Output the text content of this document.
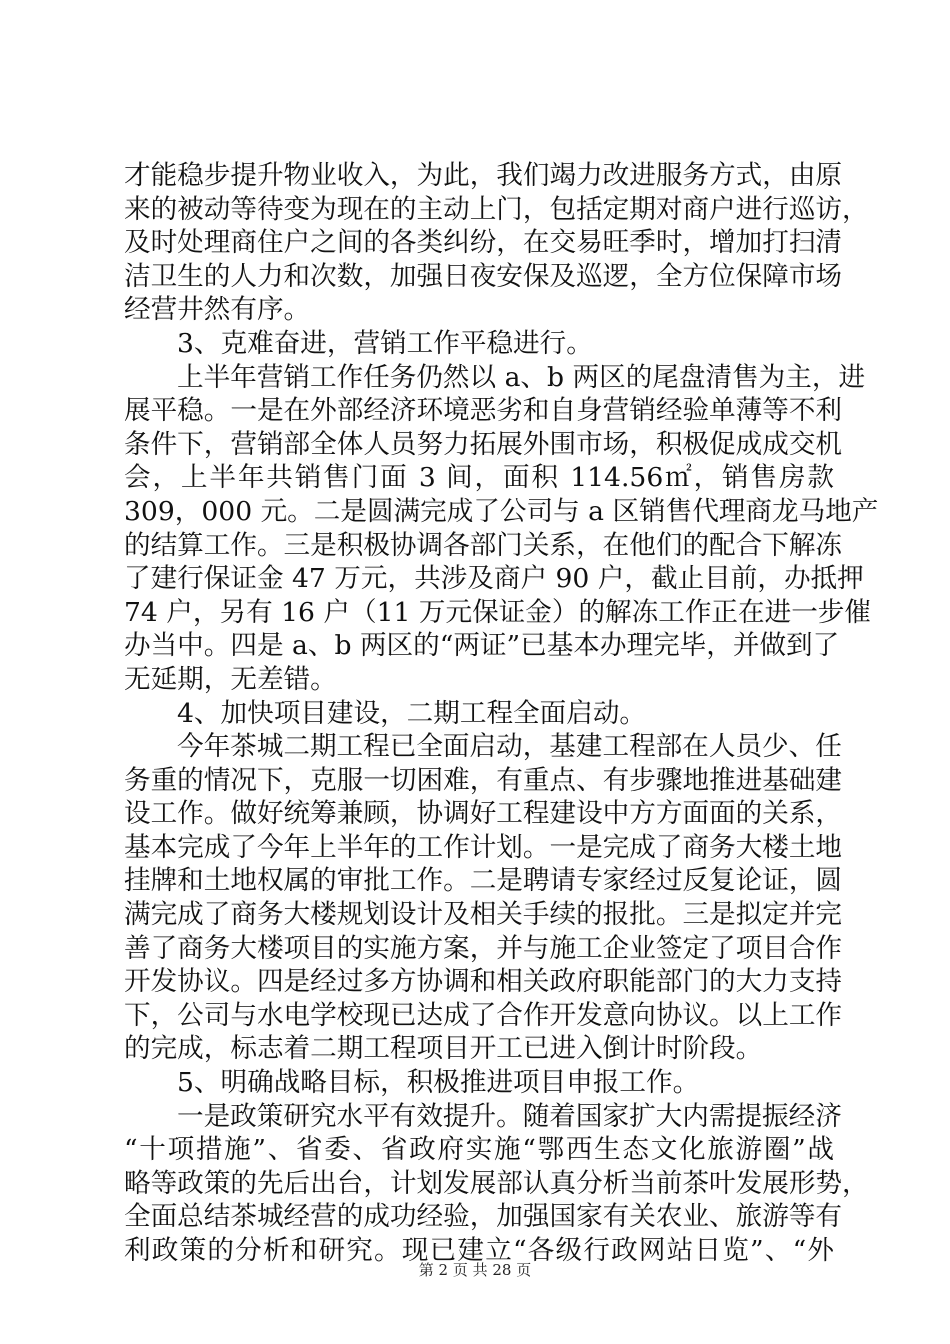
才能稳步提升物业收入，为此，我们竭力改进服务方式，由原
来的被动等待变为现在的主动上门，包括定期对商户进行巡访，
及时处理商住户之间的各类纠纷，在交易旺季时，增加打扫清
洁卫生的人力和次数，加强日夜安保及巡逻，全方位保障市场
经营井然有序。
3、克难奋进，营销工作平稳进行。
上半年营销工作任务仍然以 a、b 两区的尾盘清售为主，进
展平稳。一是在外部经济环境恶劣和自身营销经验单薄等不利
条件下，营销部全体人员努力拓展外围市场，积极促成成交机
会，上半年共销售门面 3 间，面积 114.56㎡，销售房款
309，000 元。二是圆满完成了公司与 a 区销售代理商龙马地产
的结算工作。三是积极协调各部门关系，在他们的配合下解冻
了建行保证金 47 万元，共涉及商户 90 户，截止目前，办抵押
74 户，另有 16 户（11 万元保证金）的解冻工作正在进一步催
办当中。四是 a、b 两区的“两证”已基本办理完毕，并做到了
无延期，无差错。
4、加快项目建设，二期工程全面启动。
今年茶城二期工程已全面启动，基建工程部在人员少、任
务重的情况下，克服一切困难，有重点、有步骤地推进基础建
设工作。做好统筹兼顾，协调好工程建设中方方面面的关系，
基本完成了今年上半年的工作计划。一是完成了商务大楼土地
挂牌和土地权属的审批工作。二是聘请专家经过反复论证，圆
满完成了商务大楼规划设计及相关手续的报批。三是拟定并完
善了商务大楼项目的实施方案，并与施工企业签定了项目合作
开发协议。四是经过多方协调和相关政府职能部门的大力支持
下，公司与水电学校现已达成了合作开发意向协议。以上工作
的完成，标志着二期工程项目开工已进入倒计时阶段。
5、明确战略目标，积极推进项目申报工作。
一是政策研究水平有效提升。随着国家扩大内需提振经济
“十项措施”、省委、省政府实施“鄂西生态文化旅游圈”战
略等政策的先后出台，计划发展部认真分析当前茶叶发展形势，
全面总结茶城经营的成功经验，加强国家有关农业、旅游等有
利政策的分析和研究。现已建立“各级行政网站日览”、“外
第 2 页 共 28 页
